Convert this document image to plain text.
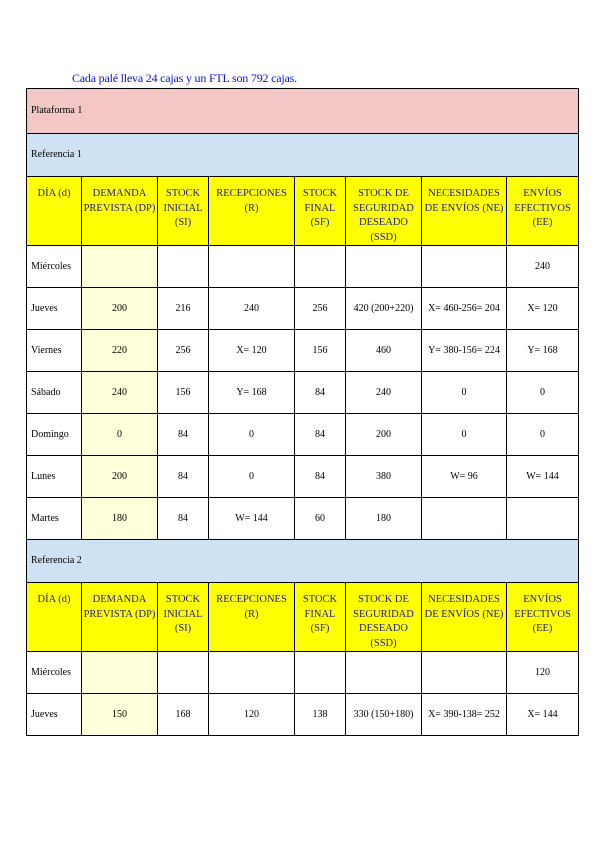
Cada palé lleva 24 cajas y un FTL son 792 cajas.
Plataforma 1							
Referencia 1							
DÍA (d)	DEMANDA PREVISTA (DP)	STOCK INICIAL (SI)	RECEPCIONES (R)	STOCK FINAL (SF)	STOCK DE SEGURIDAD DESEADO (SSD)	NECESIDADES DE ENVÍOS (NE)	ENVÍOS EFECTIVOS (EE)
Miércoles							240
Jueves	200	216	240	256	420 (200+220)	X= 460-256= 204	X= 120
Viernes	220	256	X= 120	156	460	Y= 380-156= 224	Y= 168
Sábado	240	156	Y= 168	84	240	0	0
Domingo	0	84	0	84	200	0	0
Lunes	200	84	0	84	380	W= 96	W= 144
Martes	180	84	W= 144	60	180		
Referencia 2							
DÍA (d)	DEMANDA PREVISTA (DP)	STOCK INICIAL (SI)	RECEPCIONES (R)	STOCK FINAL (SF)	STOCK DE SEGURIDAD DESEADO (SSD)	NECESIDADES DE ENVÍOS (NE)	ENVÍOS EFECTIVOS (EE)
Miércoles							120
Jueves	150	168	120	138	330 (150+180)	X= 390-138= 252	X= 144
